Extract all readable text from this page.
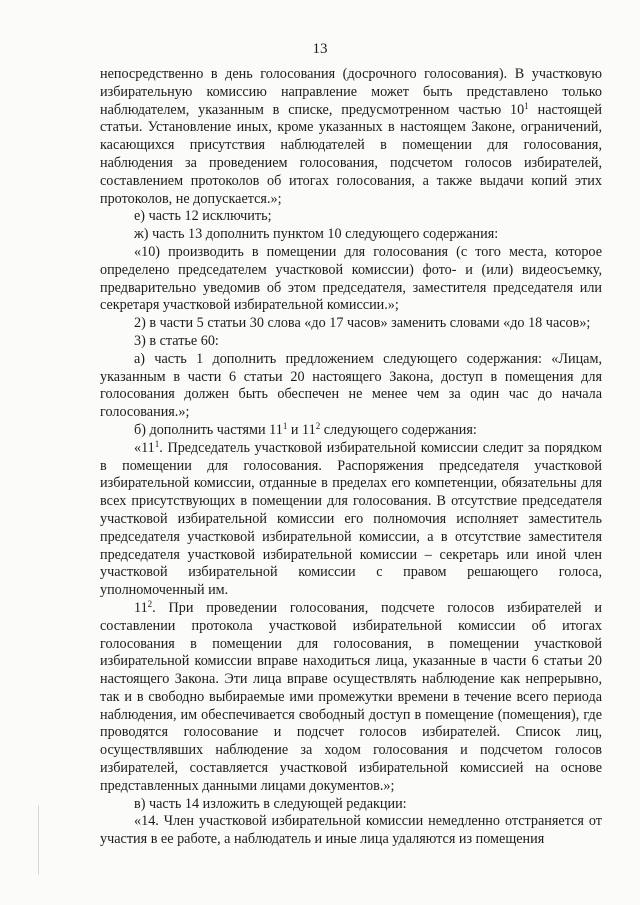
13

непосредственно в день голосования (досрочного голосования). В участковую избирательную комиссию направление может быть представлено только наблюдателем, указанным в списке, предусмотренном частью $10^1$ настоящей статьи. Установление иных, кроме указанных в настоящем Законе, ограничений, касающихся присутствия наблюдателей в помещении для голосования, наблюдения за проведением голосования, подсчетом голосов избирателей, составлением протоколов об итогах голосования, а также выдачи копий этих протоколов, не допускается.»;

е) часть 12 исключить;

ж) часть 13 дополнить пунктом 10 следующего содержания:

«10) производить в помещении для голосования (с того места, которое определено председателем участковой комиссии) фото- и (или) видеосъемку, предварительно уведомив об этом председателя, заместителя председателя или секретаря участковой избирательной комиссии.»;

2) в части 5 статьи 30 слова «до 17 часов» заменить словами «до 18 часов»;

3) в статье 60:

а) часть 1 дополнить предложением следующего содержания: «Лицам, указанным в части 6 статьи 20 настоящего Закона, доступ в помещения для голосования должен быть обеспечен не менее чем за один час до начала голосования.»;

б) дополнить частями $11^1$ и $11^2$ следующего содержания:

«$11^1$. Председатель участковой избирательной комиссии следит за порядком в помещении для голосования. Распоряжения председателя участковой избирательной комиссии, отданные в пределах его компетенции, обязательны для всех присутствующих в помещении для голосования. В отсутствие председателя участковой избирательной комиссии его полномочия исполняет заместитель председателя участковой избирательной комиссии, а в отсутствие заместителя председателя участковой избирательной комиссии – секретарь или иной член участковой избирательной комиссии с правом решающего голоса, уполномоченный им.

$11^2$. При проведении голосования, подсчете голосов избирателей и составлении протокола участковой избирательной комиссии об итогах голосования в помещении для голосования, в помещении участковой избирательной комиссии вправе находиться лица, указанные в части 6 статьи 20 настоящего Закона. Эти лица вправе осуществлять наблюдение как непрерывно, так и в свободно выбираемые ими промежутки времени в течение всего периода наблюдения, им обеспечивается свободный доступ в помещение (помещения), где проводятся голосование и подсчет голосов избирателей. Список лиц, осуществлявших наблюдение за ходом голосования и подсчетом голосов избирателей, составляется участковой избирательной комиссией на основе представленных данными лицами документов.»;

в) часть 14 изложить в следующей редакции:

«14. Член участковой избирательной комиссии немедленно отстраняется от участия в ее работе, а наблюдатель и иные лица удаляются из помещения
